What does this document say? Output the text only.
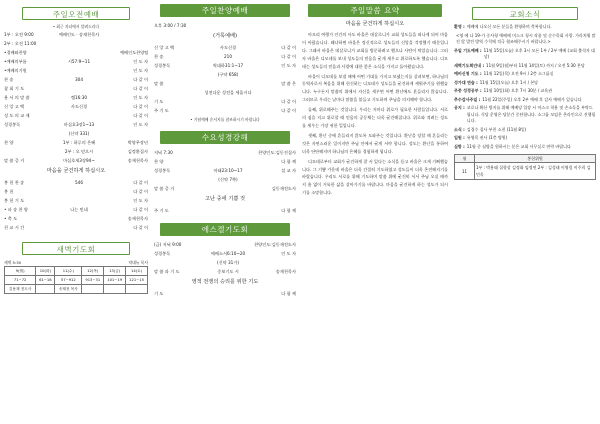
주일오전예배
• 최근 자녀에서 알려드리다
1부 : 오전 9:00	예배인도 · 송재천목사
2부 : 오전 11:00
•경배와찬양	예배인도찬양팀
•예배의부름	시57:9~11	인 도 자
•예배의기원	인 도 자
찬 송	304	다 같 이
참 회 기 도	다 같 이
용 서 의 말 씀	렘16:30	인 도 자
신 앙 고 백	사도신경	다 같 이
성 도 의 교 제	다 같 이
성경봉독	마십호3장1~13	인 도 자
(신약 331)
찬 양	1부 : 하루의 은혜	박양무장년
2부 : 오 믿으시	김정환집사
말 씀 증 거	마십호제3장94~	송재천목사
마음을 굳건하게 하십시오
봉 헌 찬 송	546	다 같 이
봉 헌	다 같 이
봉 헌 기 도	인 도 자
• 파 송 찬 양	나는 믿네	다 같 이
• 축 도	송재천목사
친 교 시 간	다 같 이
새벽기도회
새벽 5:30	약대뉴 목사
9(월)	10(화)	11(수)	12(목)	13(금)	14(토)
71~72	61~18	57~912	913~31	101~19	121~15
김용재 전도사		송재천 목사			
주일찬양예배
오후 3:00 / 7:30
(거룩예배)
신 앙 고 백	사도신경	다 같 이
찬 송	210	다 같 이
성경봉독	역대하31:1~17	인 도 자
(구약 658)
말 씀	말 씀 은
성전다운 성전을 세웁시다
기 도	다 같 이
주 기 도	다 같 이
• 기념예배 순서지를 참조하시기 바랍니다
수요성경강해
저녁 7:30	찬양인도:김동진집사
찬 양	다 함 께
성경봉독	마태23:10~17	설 교 자
(신약 7쪽)
말 씀 증 거	김동재전도사
고난 중에 기쁨 것
주 기 도	다 함 께
에스겔기도회
(금) 저녁 9:00	찬양인도:김동재전도사
성경봉독	에베소서6:10~20	인 도 자
(신약 31가)
말 씀 과 기 도	중보기도 시	송재천목사
영적 전쟁의 승리를 위한 기도
기 도	다 함 께
주일말씀 요약
마음을 굳건하게 하십시오

아모리 여행가 인간의 사도 바울은 데살로니가 교회 성도들을 떠나게 되어 마음이 아팠습니다. 왜냐하면 바울은 정신적으로 성도들의 신앙을 걱정했기 때문입니다. 그래서 바울은 데살로니가 교회를 방문하려고 했으나 사탄이 막았습니다. 그러자 바울은 디모데를 보내 성도들의 믿음을 굳게 세우고 위로하도록 했습니다. 디모데는 성도들의 믿음과 사랑에 대한 좋은 소식을 가지고 돌아왔습니다.

바울이 디모데를 보낼 때에 어떤 기대를 가지고 보냈는지를 살펴보면, 하나님의 동역자로서 복음을 위해 헌신하는 디모데가 성도들을 굳건하게 세워주기를 원했습니다. 누구든지 말씀의 위에서 자신을 세우면 어떤 환난에도 흔들리지 않습니다. 그러므로 우리는 날마다 말씀을 붙들고 기도하며 주님을 의지해야 합니다.

둘째, 위로해주는 것입니다. 우리는 저마다 위로가 필요한 사람들입니다. 서로의 짐을 지고 위로할 때 믿음의 공동체는 더욱 굳건해집니다. 위로와 격려는 성도를 세우는 가장 귀한 일입니다.

셋째, 환난 중에 흔들리지 않도록 도와주는 것입니다. 환난을 당할 때 흔들리는 것은 자연스러운 일이지만 주님 안에서 굳게 서야 합니다. 성도는 환난을 통하여 더욱 단단해지며 하나님의 은혜를 경험하게 됩니다.

디모데로부터 교회가 굳건하게 잘 서 있다는 소식을 듣고 바울은 크게 기뻐했습니다. 그 기쁨 가운데 바울은 더욱 간절히 기도하였고 성도들이 더욱 온전해지기를 바랐습니다. 우리도 서로를 위해 기도하며 말씀 위에 굳건히 서서 주님 오실 때까지 흠 없이 거룩한 삶을 살아가기를 바랍니다. 마음을 굳건하게 하는 성도가 되시기를 소망합니다.

교회소식
환영 : 예배에 나오신 모든 분들을 환영하며 축복합니다.
<영 에 나 19-가 중사형 예배에 머스크 청시 작품 및 순수목회 사랑. 가라치워 많진 않 발전 방역 수칙에 적극 협조해주시기 바랍니다.>
주일 기도예배 : 11월 15일(오늘) 오후 3시 모든 1부 / 2부 예배 (교회 출석자 대상)
새벽기도회안내 : 11월 9일(월)부터 11월 14일(토) 까지 / 오전 5:30 본당
예비신청 기도 : 11월 12일(목) 오전 9시 / 2층 소그룹실
성가대 연습 : 11월 15일(오늘) 오후 1시 / 본당
주중 성경공부 : 11월 10일(화) 오후 7시 30분 / 교육관
추수감사주일 : 11월 22일(주일) 오후 2부 예배 후 감사 예배가 있습니다
공지 : 코로나 확산 방지를 위해 예배당 입장 시 마스크 착용 및 손소독을 부탁드립니다. 식당 운영은 당분간 중단합니다. 소그룹 모임은 온라인으로 진행됩니다.
소식 : 김경수 집사 부친 소천 (11월 8일)
입원 : 유영목 권사 (1층 병원)
심방 : 11월 중 심방을 원하시는 분은 교회 사무실로 연락 바랍니다
월	봉헌위원
11	1부 : 박용래 집향상 김정화 임정연 2부 : 김성태 이영림 이주희 김민욱
